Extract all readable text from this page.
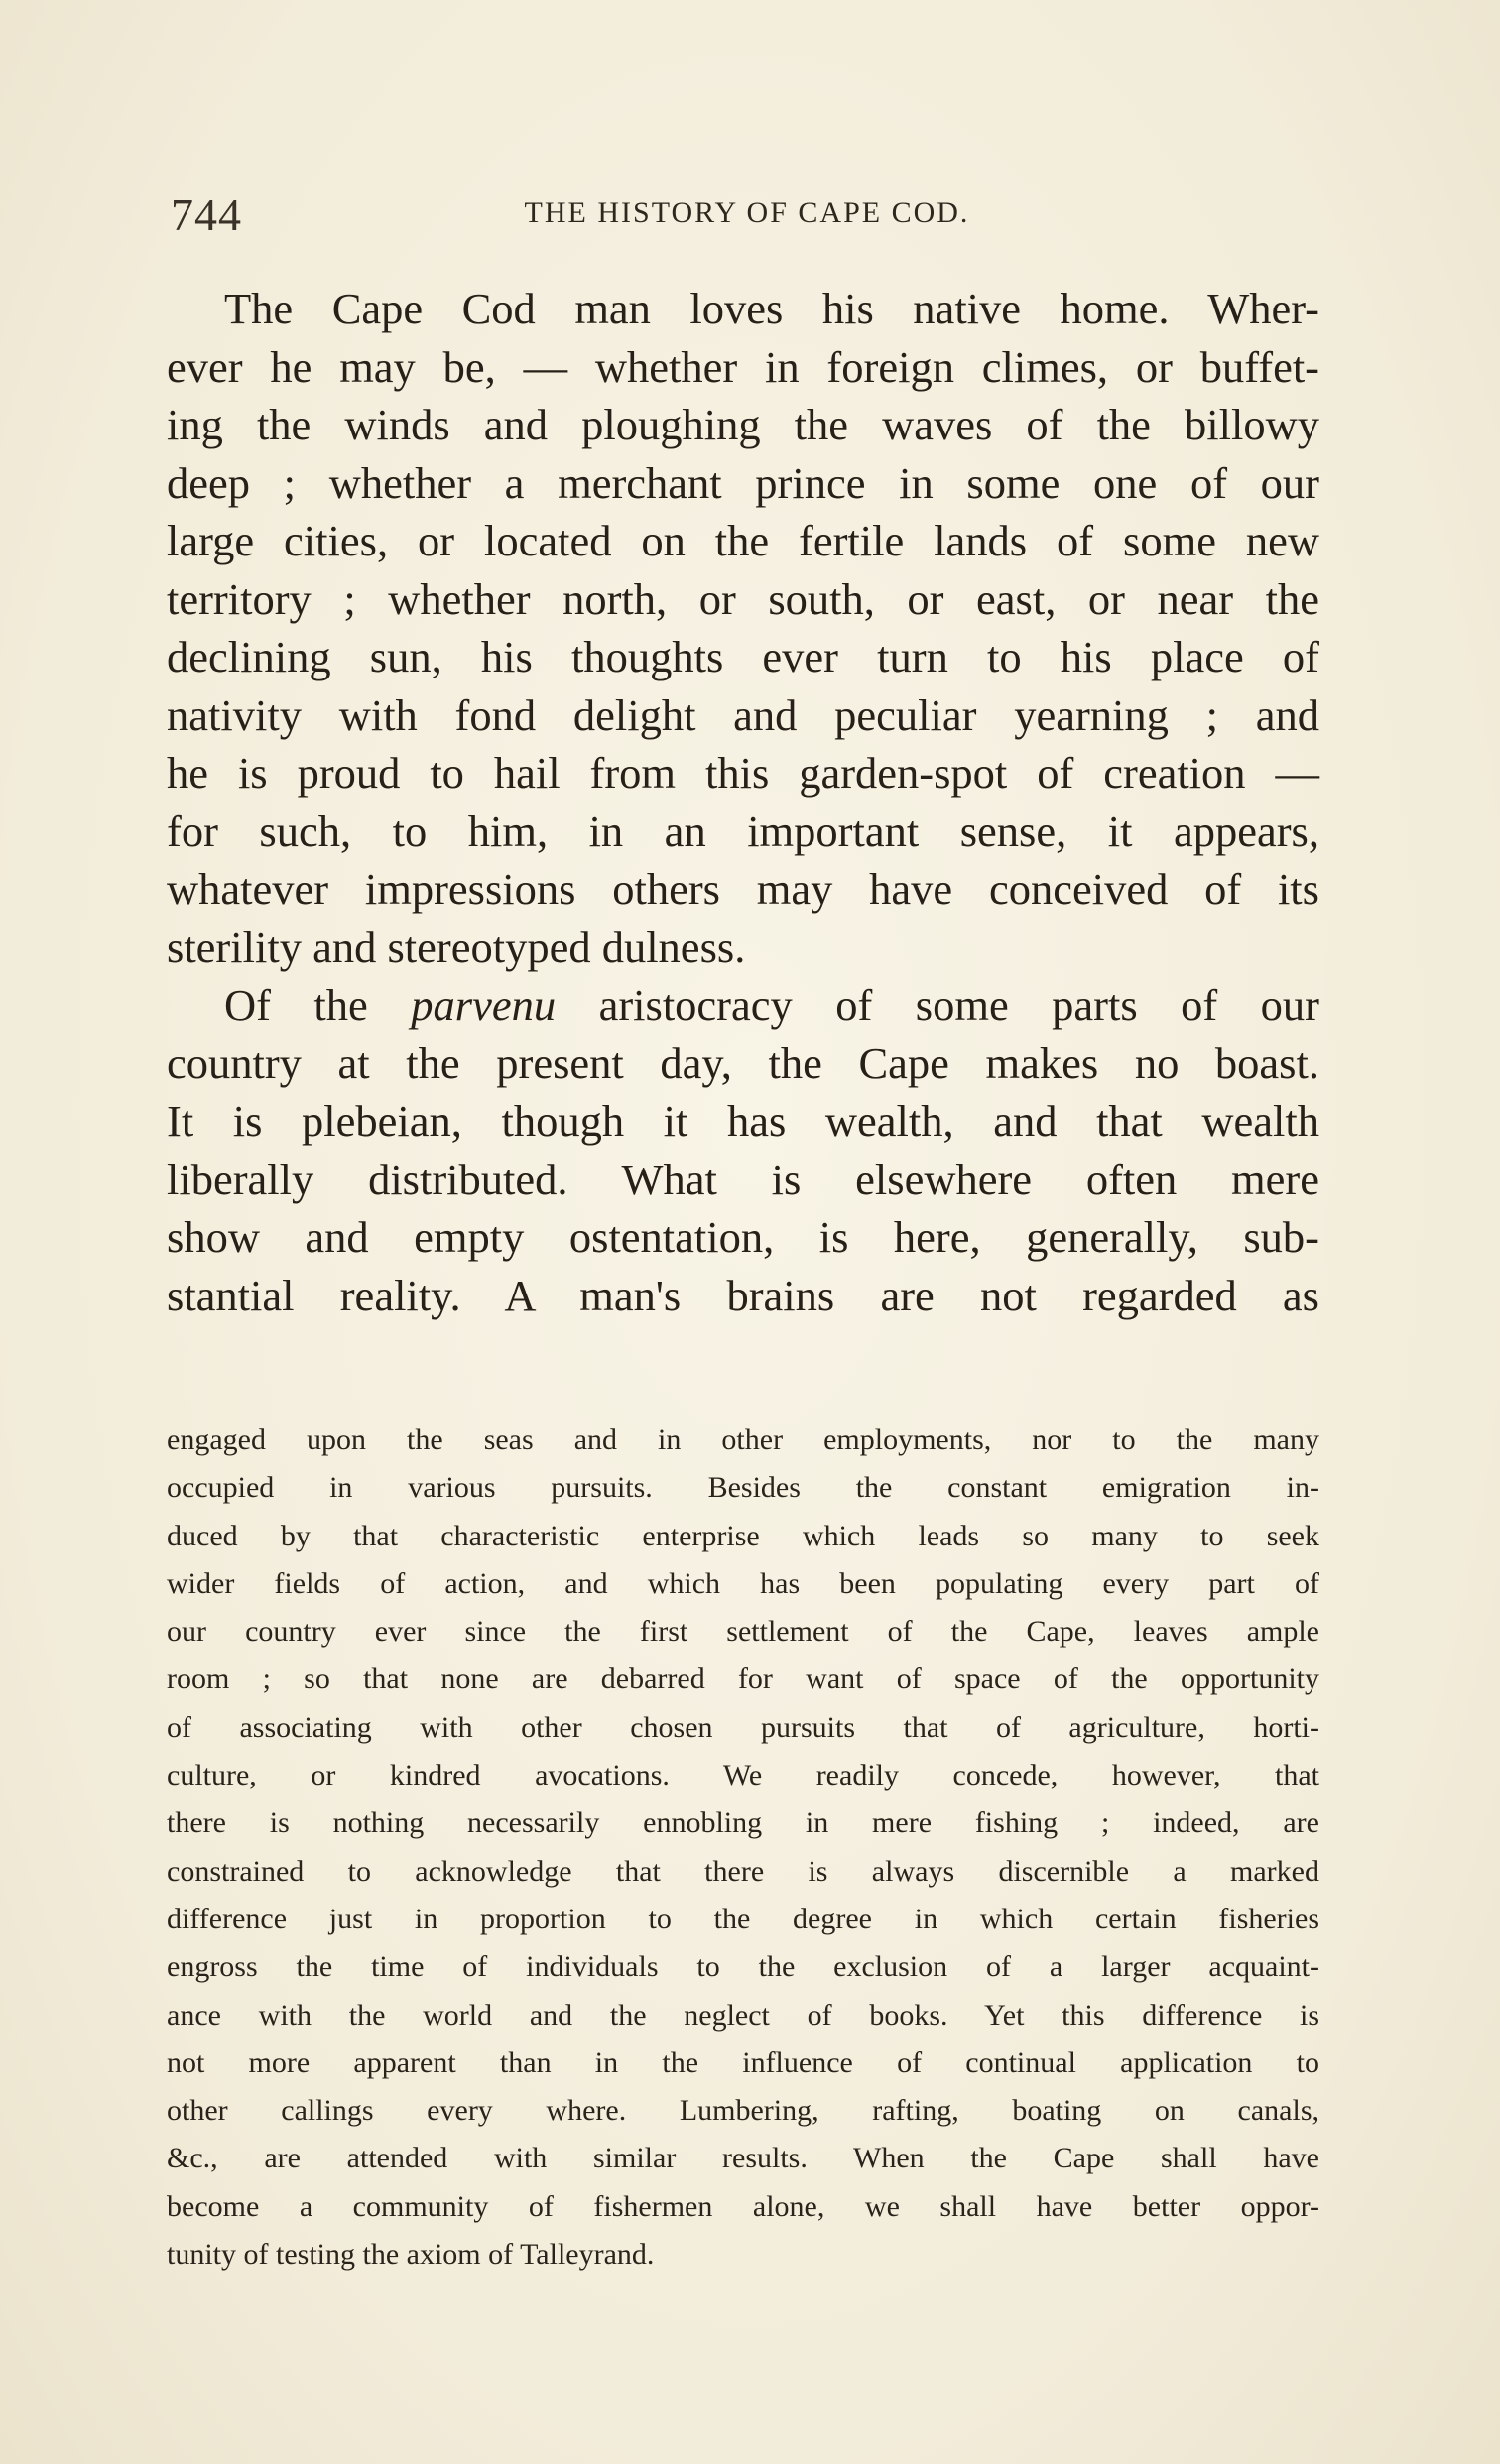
744	THE HISTORY OF CAPE COD.
The Cape Cod man loves his native home. Wher-
ever he may be, — whether in foreign climes, or buffet-
ing the winds and ploughing the waves of the billowy
deep ; whether a merchant prince in some one of our
large cities, or located on the fertile lands of some new
territory ; whether north, or south, or east, or near the
declining sun, his thoughts ever turn to his place of
nativity with fond delight and peculiar yearning ; and
he is proud to hail from this garden-spot of creation —
for such, to him, in an important sense, it appears,
whatever impressions others may have conceived of its
sterility and stereotyped dulness.
Of the parvenu aristocracy of some parts of our
country at the present day, the Cape makes no boast.
It is plebeian, though it has wealth, and that wealth
liberally distributed. What is elsewhere often mere
show and empty ostentation, is here, generally, sub-
stantial reality. A man's brains are not regarded as
engaged upon the seas and in other employments, nor to the many
occupied in various pursuits. Besides the constant emigration in-
duced by that characteristic enterprise which leads so many to seek
wider fields of action, and which has been populating every part of
our country ever since the first settlement of the Cape, leaves ample
room ; so that none are debarred for want of space of the opportunity
of associating with other chosen pursuits that of agriculture, horti-
culture, or kindred avocations. We readily concede, however, that
there is nothing necessarily ennobling in mere fishing ; indeed, are
constrained to acknowledge that there is always discernible a marked
difference just in proportion to the degree in which certain fisheries
engross the time of individuals to the exclusion of a larger acquaint-
ance with the world and the neglect of books. Yet this difference is
not more apparent than in the influence of continual application to
other callings every where. Lumbering, rafting, boating on canals,
&c., are attended with similar results. When the Cape shall have
become a community of fishermen alone, we shall have better oppor-
tunity of testing the axiom of Talleyrand.
